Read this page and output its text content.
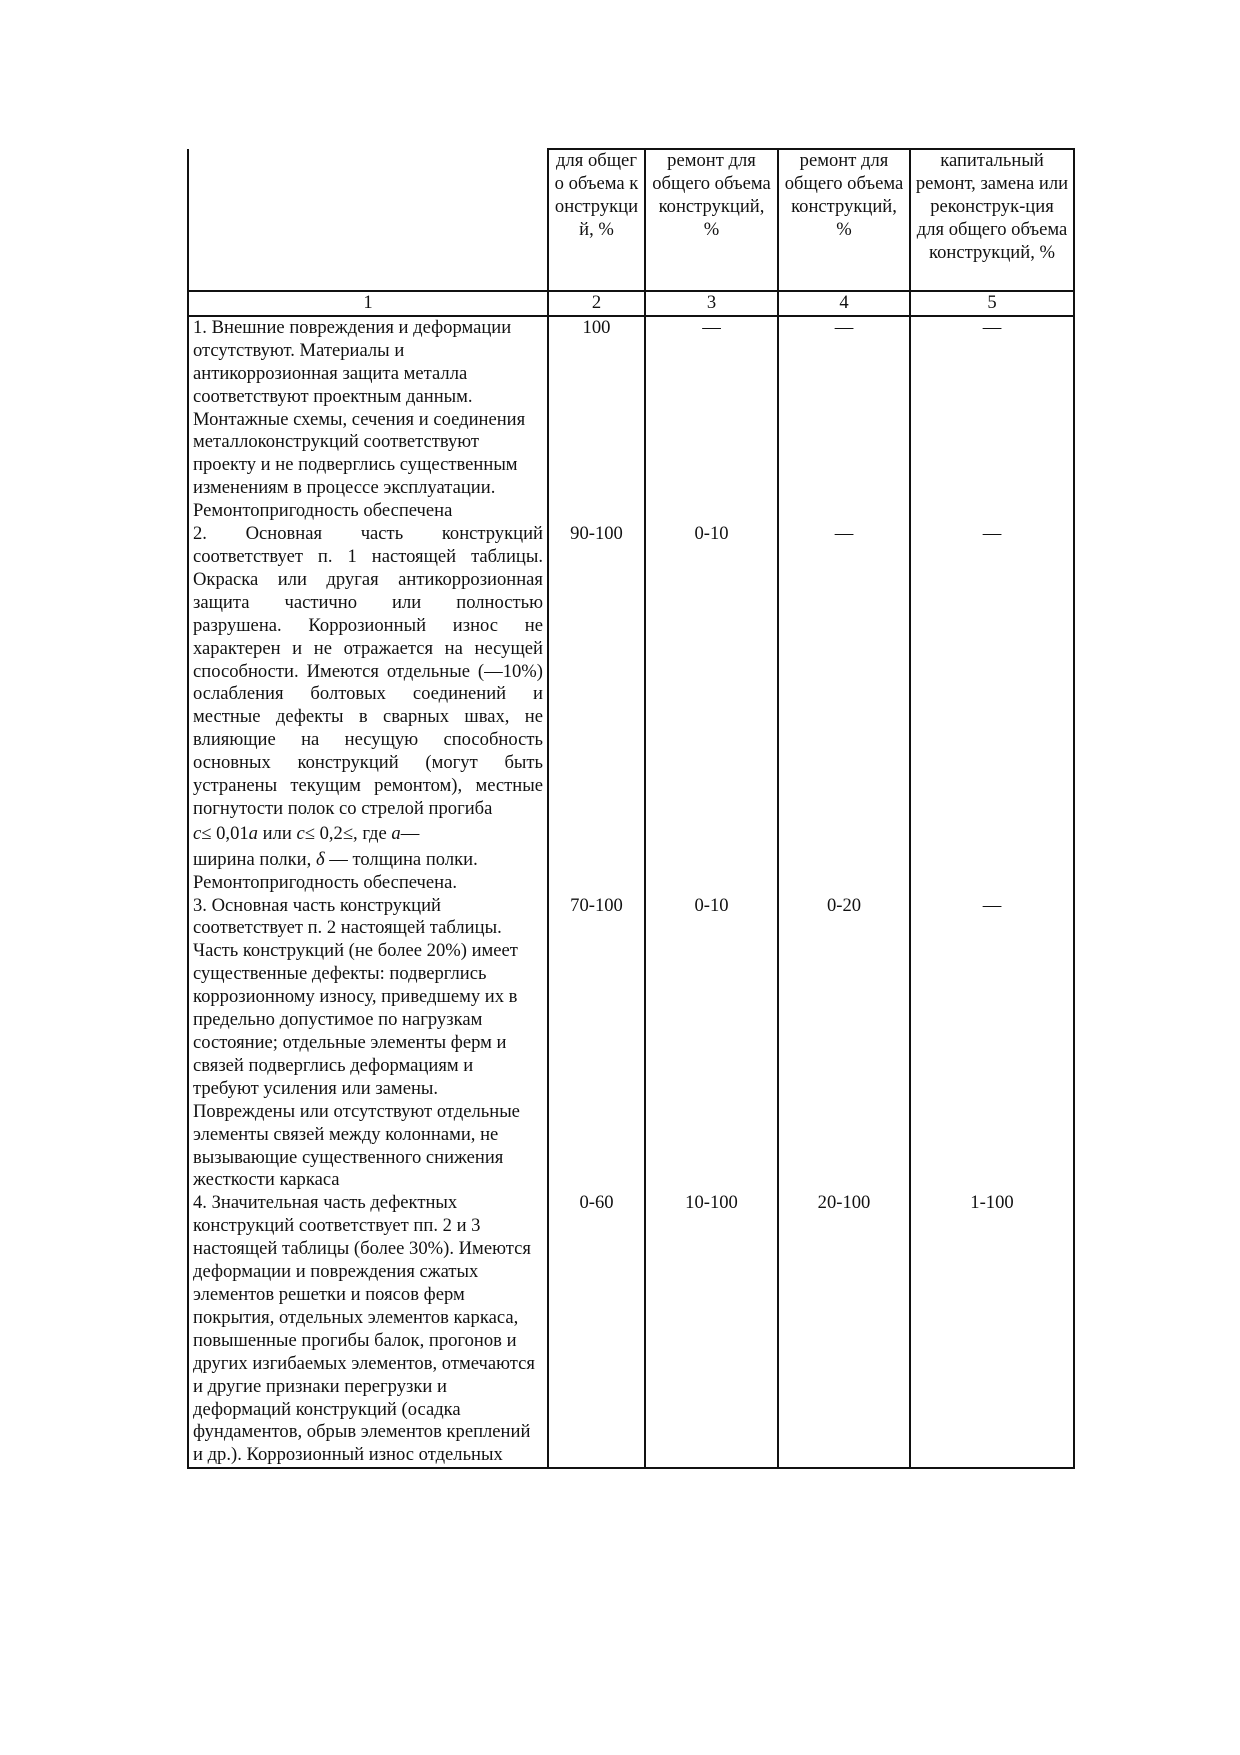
	для общего объема конструкций, %	ремонт для общего объема конструкций, %	ремонт для общего объема конструкций, %	капитальный ремонт, замена или реконструк-ция для общего объема конструкций, %
1	2	3	4	5
1. Внешние повреждения и деформации отсутствуют. Материалы и антикоррозионная защита металла соответствуют проектным данным. Монтажные схемы, сечения и соединения металлоконструкций соответствуют проекту и не подверглись существенным изменениям в процессе эксплуатации. Ремонтопригодность обеспечена	100	—	—	—

2. Основная часть конструкций соответствует п. 1 настоящей таблицы. Окраска или другая антикоррозионная защита частично или полностью разрушена. Коррозионный износ не характерен и не отражается на несущей способности. Имеются отдельные (—10%) ослабления болтовых соединений и местные дефекты в сварных швах, не влияющие на несущую способность основных конструкций (могут быть устранены текущим ремонтом), местные погнутости полок со стрелой прогиба
c≤ 0,01a или c≤ 0,2≤, где a—
ширина полки, δ — толщина полки.
Ремонтопригодность обеспечена.	90-100	0-10	—	—

3. Основная часть конструкций соответствует п. 2 настоящей таблицы. Часть конструкций (не более 20%) имеет существенные дефекты: подверглись коррозионному износу, приведшему их в предельно допустимое по нагрузкам состояние; отдельные элементы ферм и связей подверглись деформациям и требуют усиления или замены.
Повреждены или отсутствуют отдельные элементы связей между колоннами, не вызывающие существенного снижения жесткости каркаса	70-100	0-10	0-20	—
4. Значительная часть дефектных конструкций соответствует пп. 2 и 3 настоящей таблицы (более 30%). Имеются деформации и повреждения сжатых элементов решетки и поясов ферм покрытия, отдельных элементов каркаса, повышенные прогибы балок, прогонов и других изгибаемых элементов, отмечаются и другие признаки перегрузки и деформаций конструкций (осадка фундаментов, обрыв элементов креплений и др.). Коррозионный износ отдельных	0-60	10-100	20-100	1-100
